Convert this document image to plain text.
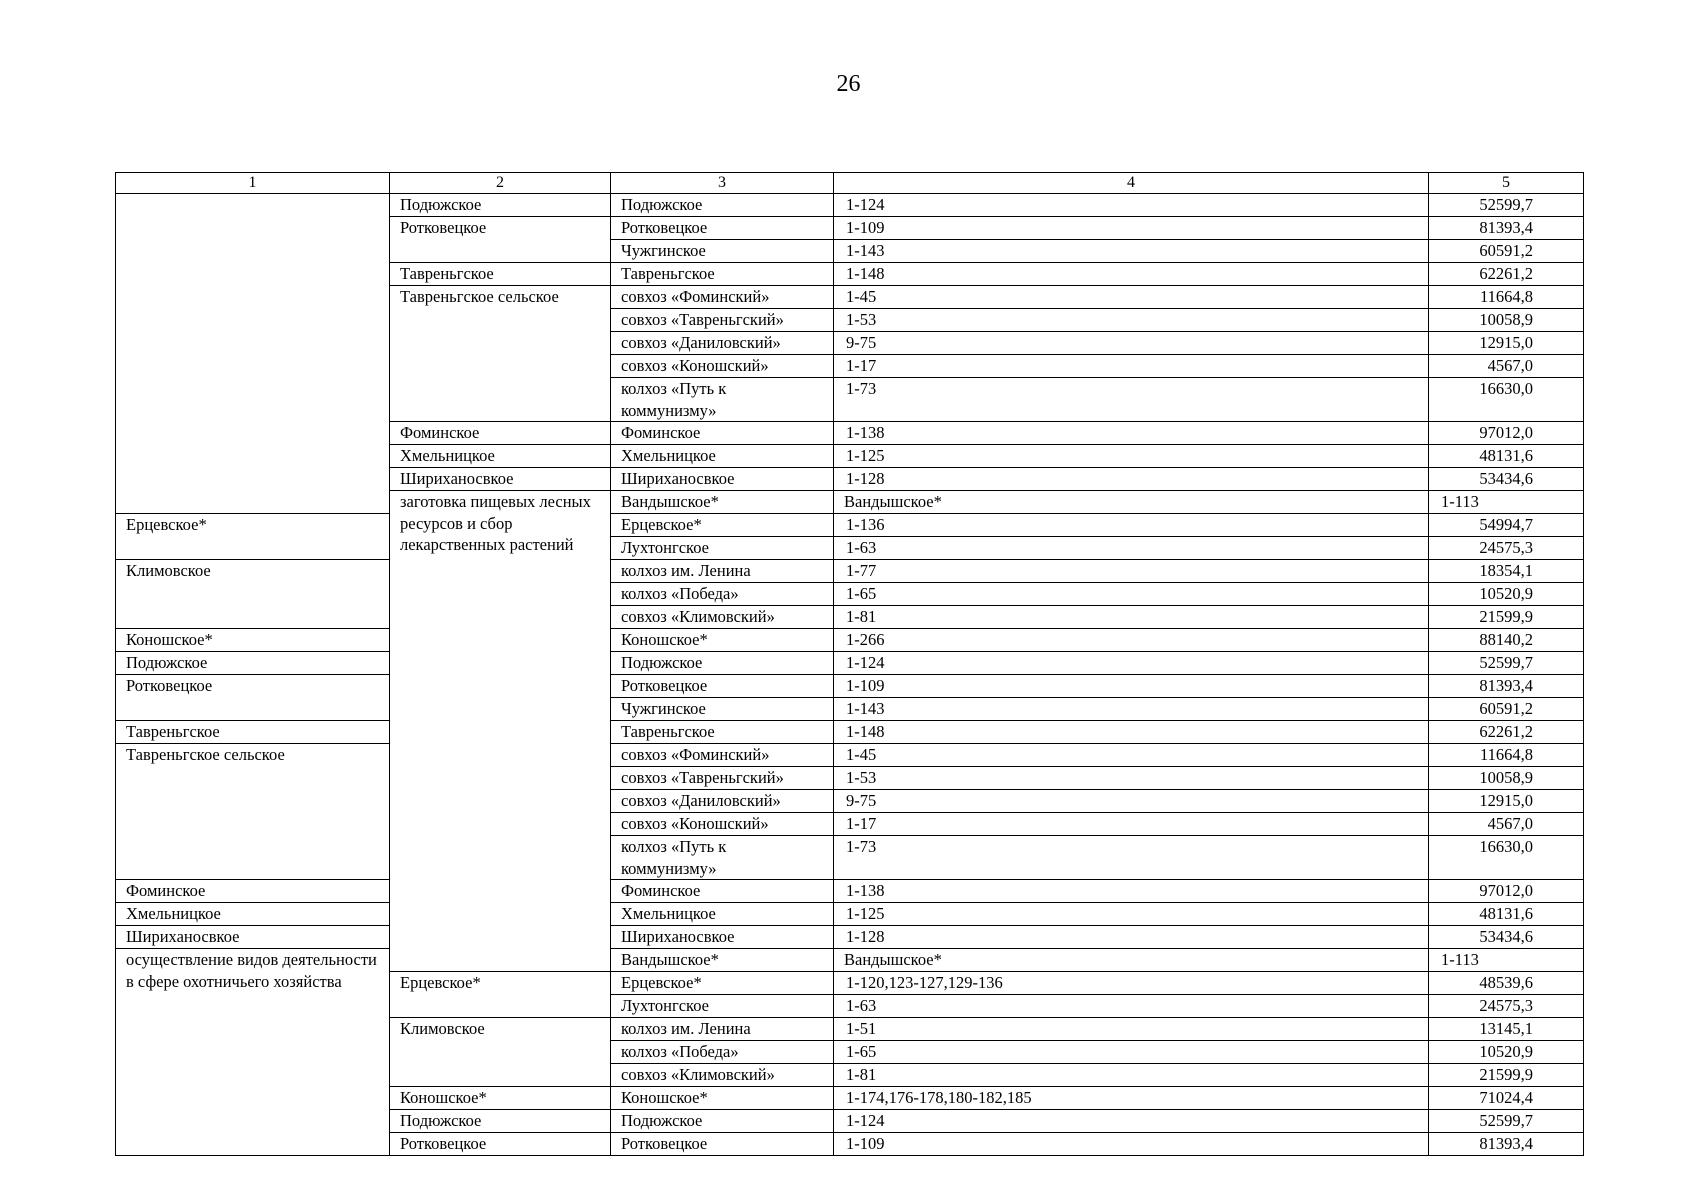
26
1	2	3	4	5	
	Подюжское	Подюжское	1-124	52599,7	
	Ротковецкое	Ротковецкое	1-109	81393,4	
		Чужгинское	1-143	60591,2	
	Тавреньгское	Тавреньгское	1-148	62261,2	
	Тавреньгское сельское	совхоз «Фоминский»	1-45	11664,8	
		совхоз «Тавреньгский»	1-53	10058,9	
		совхоз «Даниловский»	9-75	12915,0	
		совхоз «Коношский»	1-17	4567,0	
		колхоз «Путь к коммунизму»	1-73	16630,0	
	Фоминское	Фоминское	1-138	97012,0	
	Хмельницкое	Хмельницкое	1-125	48131,6	
	Шириханосвкое	Шириханосвкое	1-128	53434,6	
	заготовка пищевых лесных ресурсов и сбор лекарственных растений	Вандышское*	Вандышское*	1-113	
Ерцевское*		Ерцевское*	1-136	54994,7	
		Лухтонгское	1-63	24575,3	
Климовское		колхоз им. Ленина	1-77	18354,1	
		колхоз «Победа»	1-65	10520,9	
		совхоз «Климовский»	1-81	21599,9	
Коношское*		Коношское*	1-266	88140,2	
Подюжское		Подюжское	1-124	52599,7	
Ротковецкое		Ротковецкое	1-109	81393,4	
		Чужгинское	1-143	60591,2	
Тавреньгское		Тавреньгское	1-148	62261,2	
Тавреньгское сельское		совхоз «Фоминский»	1-45	11664,8	
		совхоз «Тавреньгский»	1-53	10058,9	
		совхоз «Даниловский»	9-75	12915,0	
		совхоз «Коношский»	1-17	4567,0	
		колхоз «Путь к коммунизму»	1-73	16630,0	
Фоминское		Фоминское	1-138	97012,0	
Хмельницкое		Хмельницкое	1-125	48131,6	
Шириханосвкое		Шириханосвкое	1-128	53434,6	
осуществление видов деятельности в сфере охотничьего хозяйства		Вандышское*	Вандышское*	1-113	
	Ерцевское*	Ерцевское*	1-120,123-127,129-136	48539,6	
		Лухтонгское	1-63	24575,3	
	Климовское	колхоз им. Ленина	1-51	13145,1	
		колхоз «Победа»	1-65	10520,9	
		совхоз «Климовский»	1-81	21599,9	
	Коношское*	Коношское*	1-174,176-178,180-182,185	71024,4	
	Подюжское	Подюжское	1-124	52599,7	
	Ротковецкое	Ротковецкое	1-109	81393,4	
